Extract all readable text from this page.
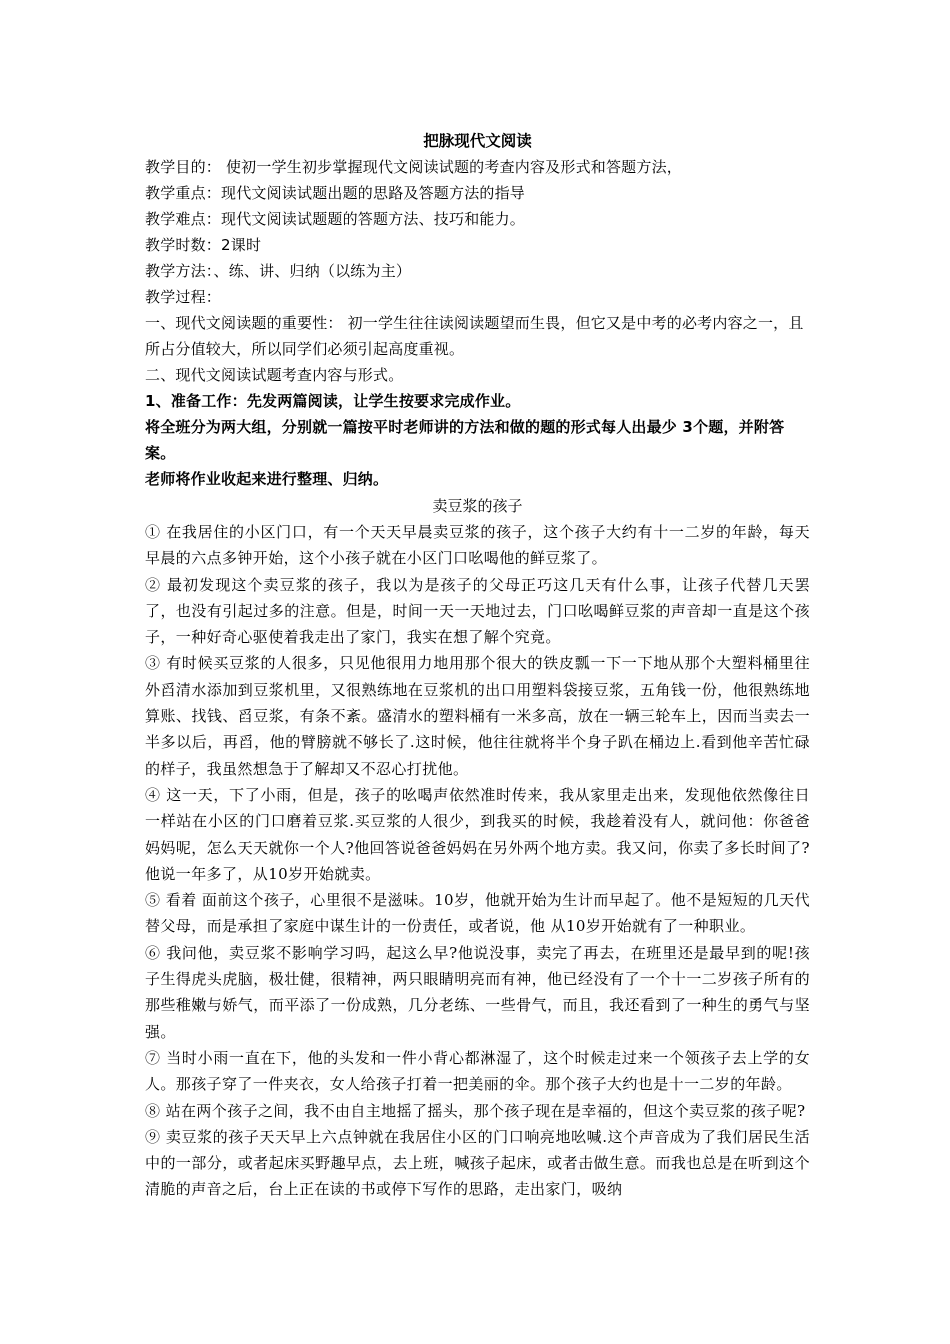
把脉现代文阅读
教学目的： 使初一学生初步掌握现代文阅读试题的考查内容及形式和答题方法，
教学重点：现代文阅读试题出题的思路及答题方法的指导
教学难点：现代文阅读试题题的答题方法、技巧和能力。
教学时数：2课时
教学方法：、练、讲、归纳（以练为主）
教学过程：
一、现代文阅读题的重要性： 初一学生往往读阅读题望而生畏，但它又是中考的必考内容之一，且所占分值较大，所以同学们必须引起高度重视。
二、现代文阅读试题考查内容与形式。
1、准备工作：先发两篇阅读，让学生按要求完成作业。
将全班分为两大组，分别就一篇按平时老师讲的方法和做的题的形式每人出最少 3个题，并附答案。
老师将作业收起来进行整理、归纳。
卖豆浆的孩子
① 在我居住的小区门口，有一个天天早晨卖豆浆的孩子，这个孩子大约有十一二岁的年龄，每天早晨的六点多钟开始，这个小孩子就在小区门口吆喝他的鲜豆浆了。
② 最初发现这个卖豆浆的孩子，我以为是孩子的父母正巧这几天有什么事，让孩子代替几天罢了，也没有引起过多的注意。但是，时间一天一天地过去，门口吆喝鲜豆浆的声音却一直是这个孩子，一种好奇心驱使着我走出了家门，我实在想了解个究竟。
③ 有时候买豆浆的人很多，只见他很用力地用那个很大的铁皮瓢一下一下地从那个大塑料桶里往外舀清水添加到豆浆机里，又很熟练地在豆浆机的出口用塑料袋接豆浆，五角钱一份，他很熟练地算账、找钱、舀豆浆，有条不紊。盛清水的塑料桶有一米多高，放在一辆三轮车上，因而当卖去一半多以后，再舀，他的臂膀就不够长了.这时候，他往往就将半个身子趴在桶边上.看到他辛苦忙碌的样子，我虽然想急于了解却又不忍心打扰他。
④ 这一天，下了小雨，但是，孩子的吆喝声依然准时传来，我从家里走出来，发现他依然像往日一样站在小区的门口磨着豆浆.买豆浆的人很少，到我买的时候，我趁着没有人，就问他：你爸爸妈妈呢，怎么天天就你一个人?他回答说爸爸妈妈在另外两个地方卖。我又问，你卖了多长时间了?他说一年多了，从10岁开始就卖。
⑤ 看着 面前这个孩子，心里很不是滋味。10岁，他就开始为生计而早起了。他不是短短的几天代替父母，而是承担了家庭中谋生计的一份责任，或者说，他 从10岁开始就有了一种职业。
⑥ 我问他，卖豆浆不影响学习吗，起这么早?他说没事，卖完了再去，在班里还是最早到的呢!孩子生得虎头虎脑，极壮健，很精神，两只眼睛明亮而有神，他已经没有了一个十一二岁孩子所有的那些稚嫩与娇气，而平添了一份成熟，几分老练、一些骨气，而且，我还看到了一种生的勇气与坚强。
⑦ 当时小雨一直在下，他的头发和一件小背心都淋湿了，这个时候走过来一个领孩子去上学的女人。那孩子穿了一件夹衣，女人给孩子打着一把美丽的伞。那个孩子大约也是十一二岁的年龄。
⑧ 站在两个孩子之间，我不由自主地摇了摇头，那个孩子现在是幸福的，但这个卖豆浆的孩子呢?
⑨ 卖豆浆的孩子天天早上六点钟就在我居住小区的门口响亮地吆喊.这个声音成为了我们居民生活中的一部分，或者起床买野趣早点，去上班，喊孩子起床，或者击做生意。而我也总是在听到这个清脆的声音之后，台上正在读的书或停下写作的思路，走出家门，吸纳
